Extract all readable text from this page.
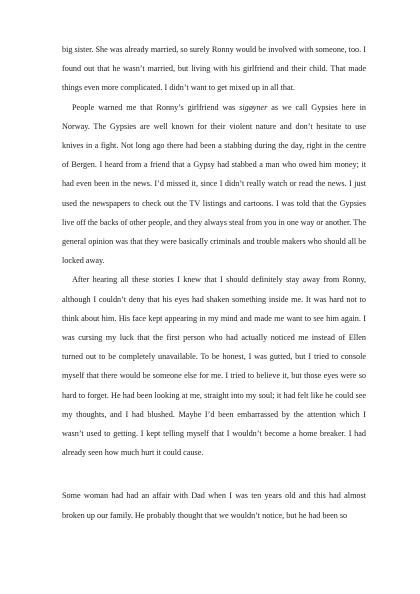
big sister. She was already married, so surely Ronny would be involved with someone, too. I found out that he wasn’t married, but living with his girlfriend and their child. That made things even more complicated. I didn’t want to get mixed up in all that.

People warned me that Ronny’s girlfriend was sigøyner as we call Gypsies here in Norway. The Gypsies are well known for their violent nature and don’t hesitate to use knives in a fight. Not long ago there had been a stabbing during the day, right in the centre of Bergen. I heard from a friend that a Gypsy had stabbed a man who owed him money; it had even been in the news. I’d missed it, since I didn’t really watch or read the news. I just used the newspapers to check out the TV listings and cartoons. I was told that the Gypsies live off the backs of other people, and they always steal from you in one way or another. The general opinion was that they were basically criminals and trouble makers who should all be locked away.

After hearing all these stories I knew that I should definitely stay away from Ronny, although I couldn’t deny that his eyes had shaken something inside me. It was hard not to think about him. His face kept appearing in my mind and made me want to see him again. I was cursing my luck that the first person who had actually noticed me instead of Ellen turned out to be completely unavailable. To be honest, I was gutted, but I tried to console myself that there would be someone else for me. I tried to believe it, but those eyes were so hard to forget. He had been looking at me, straight into my soul; it had felt like he could see my thoughts, and I had blushed. Maybe I’d been embarrassed by the attention which I wasn’t used to getting. I kept telling myself that I wouldn’t become a home breaker. I had already seen how much hurt it could cause.

Some woman had had an affair with Dad when I was ten years old and this had almost broken up our family. He probably thought that we wouldn’t notice, but he had been so
